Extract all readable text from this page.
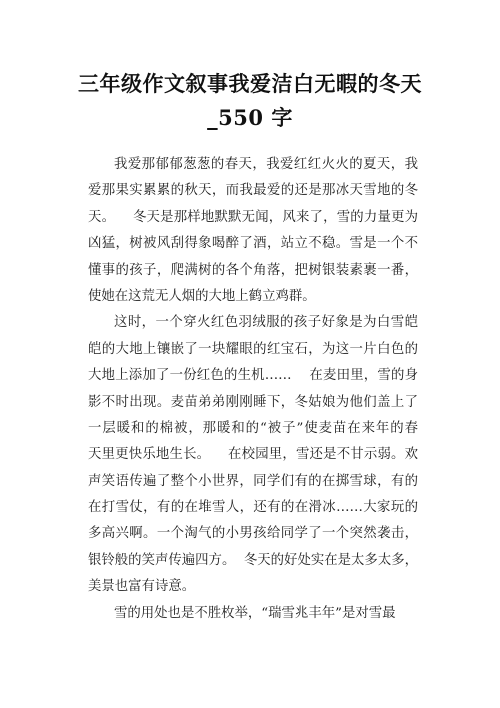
三年级作文叙事我爱洁白无暇的冬天
_550 字
我爱那郁郁葱葱的春天，我爱红红火火的夏天，我
爱那果实累累的秋天，而我最爱的还是那冰天雪地的冬
天。    冬天是那样地默默无闻，风来了，雪的力量更为
凶猛，树被风刮得象喝醉了酒，站立不稳。雪是一个不
懂事的孩子，爬满树的各个角落，把树银装素裹一番，
使她在这荒无人烟的大地上鹤立鸡群。
这时，一个穿火红色羽绒服的孩子好象是为白雪皑
皑的大地上镶嵌了一块耀眼的红宝石，为这一片白色的
大地上添加了一份红色的生机……    在麦田里，雪的身
影不时出现。麦苗弟弟刚刚睡下，冬姑娘为他们盖上了
一层暖和的棉被，那暖和的“被子”使麦苗在来年的春
天里更快乐地生长。    在校园里，雪还是不甘示弱。欢
声笑语传遍了整个小世界，同学们有的在掷雪球，有的
在打雪仗，有的在堆雪人，还有的在滑冰……大家玩的
多高兴啊。一个淘气的小男孩给同学了一个突然袭击，
银铃般的笑声传遍四方。  冬天的好处实在是太多太多，
美景也富有诗意。
雪的用处也是不胜枚举，“瑞雪兆丰年”是对雪最
